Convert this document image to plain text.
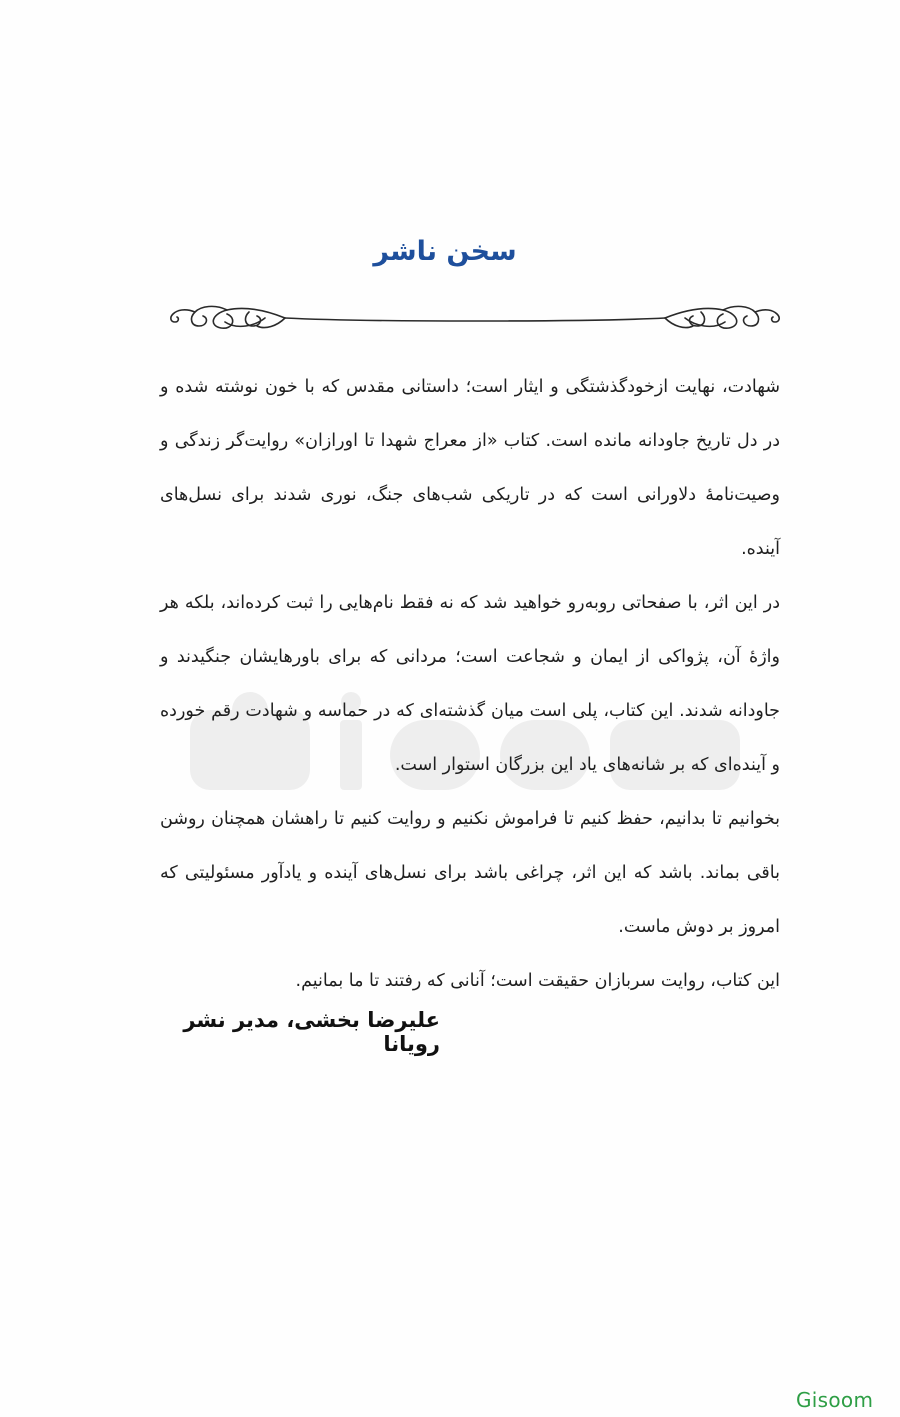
سخن ناشر

شهادت، نهایت ازخودگذشتگی و ایثار است؛ داستانی مقدس که با خون نوشته شده و در دل تاریخ جاودانه مانده است. کتاب «از معراج شهدا تا اورازان» روایت‌گر زندگی و وصیت‌نامهٔ دلاورانی است که در تاریکی شب‌های جنگ، نوری شدند برای نسل‌های آینده.

در این اثر، با صفحاتی روبه‌رو خواهید شد که نه فقط نام‌هایی را ثبت کرده‌اند، بلکه هر واژهٔ آن، پژواکی از ایمان و شجاعت است؛ مردانی که برای باورهایشان جنگیدند و جاودانه شدند. این کتاب، پلی است میان گذشته‌ای که در حماسه و شهادت رقم خورده و آینده‌ای که بر شانه‌های یاد این بزرگان استوار است.

بخوانیم تا بدانیم، حفظ کنیم تا فراموش نکنیم و روایت کنیم تا راهشان همچنان روشن باقی بماند. باشد که این اثر، چراغی باشد برای نسل‌های آینده و یادآور مسئولیتی که امروز بر دوش ماست.

این کتاب، روایت سربازان حقیقت است؛ آنانی که رفتند تا ما بمانیم.

علیرضا بخشی، مدیر نشر رویانا
Gisoom
